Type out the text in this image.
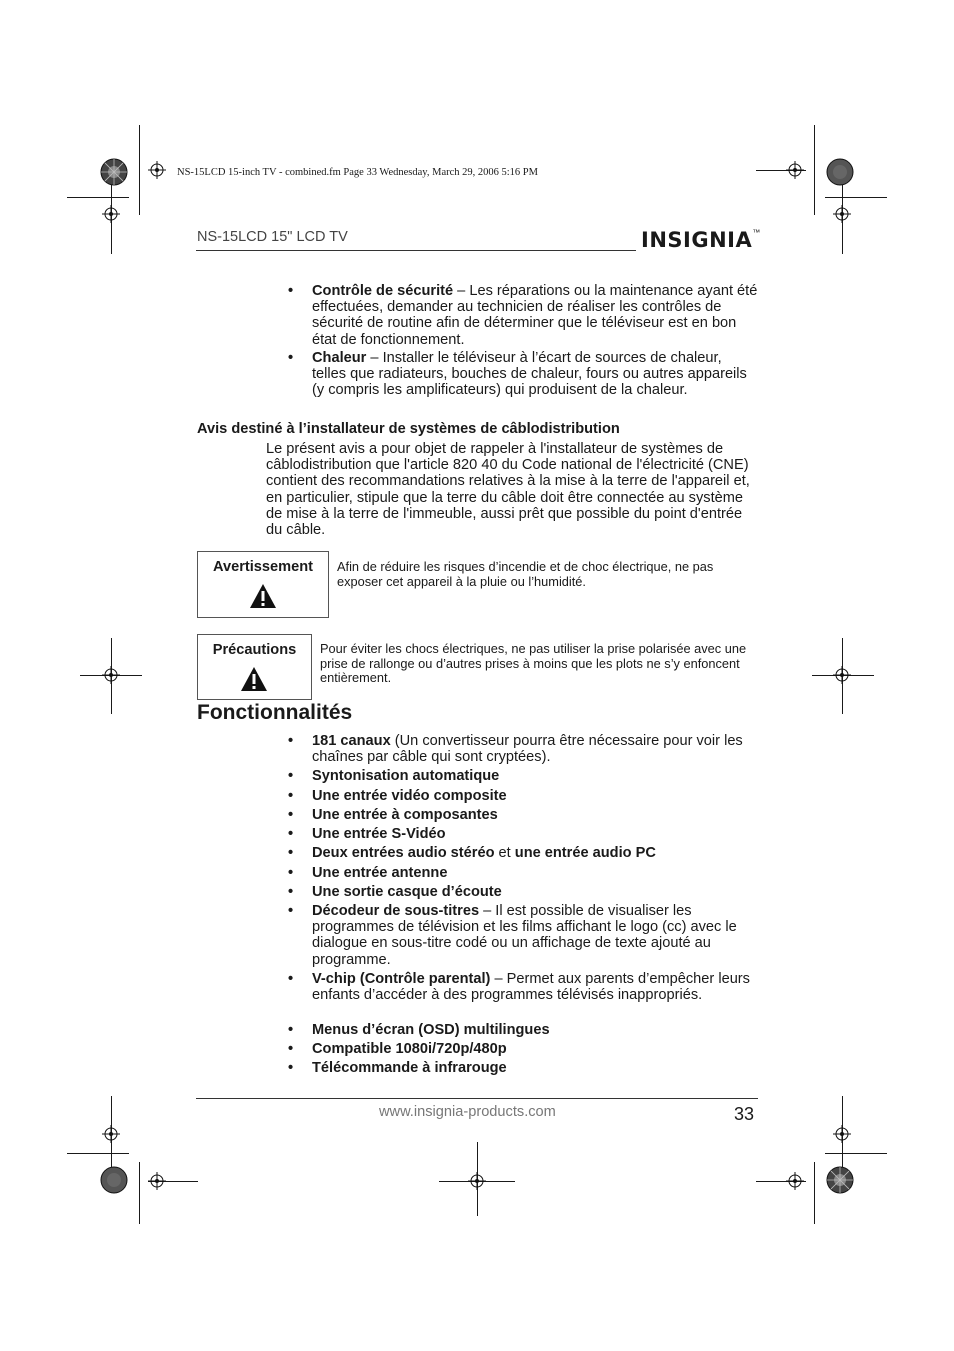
NS-15LCD 15-inch TV - combined.fm Page 33 Wednesday, March 29, 2006 5:16 PM
NS-15LCD 15" LCD TV	INSIGNIA™
• Contrôle de sécurité – Les réparations ou la maintenance ayant été effectuées, demander au technicien de réaliser les contrôles de sécurité de routine afin de déterminer que le téléviseur est en bon état de fonctionnement.
• Chaleur – Installer le téléviseur à l’écart de sources de chaleur, telles que radiateurs, bouches de chaleur, fours ou autres appareils (y compris les amplificateurs) qui produisent de la chaleur.
Avis destiné à l’installateur de systèmes de câblodistribution
Le présent avis a pour objet de rappeler à l'installateur de systèmes de câblodistribution que l'article 820 40 du Code national de l'électricité (CNE) contient des recommandations relatives à la mise à la terre de l'appareil et, en particulier, stipule que la terre du câble doit être connectée au système de mise à la terre de l'immeuble, aussi prêt que possible du point d'entrée du câble.
Avertissement	Afin de réduire les risques d’incendie et de choc électrique, ne pas exposer cet appareil à la pluie ou l’humidité.
Précautions	Pour éviter les chocs électriques, ne pas utiliser la prise polarisée avec une prise de rallonge ou d’autres prises à moins que les plots ne s’y enfoncent entièrement.
Fonctionnalités
• 181 canaux (Un convertisseur pourra être nécessaire pour voir les chaînes par câble qui sont cryptées).
• Syntonisation automatique
• Une entrée vidéo composite
• Une entrée à composantes
• Une entrée S-Vidéo
• Deux entrées audio stéréo et une entrée audio PC
• Une entrée antenne
• Une sortie casque d’écoute
• Décodeur de sous-titres – Il est possible de visualiser les programmes de télévision et les films affichant le logo (cc) avec le dialogue en sous-titre codé ou un affichage de texte ajouté au programme.
• V-chip (Contrôle parental) – Permet aux parents d’empêcher leurs enfants d’accéder à des programmes télévisés inappropriés.
• Menus d’écran (OSD) multilingues
• Compatible 1080i/720p/480p
• Télécommande à infrarouge
www.insignia-products.com	33
